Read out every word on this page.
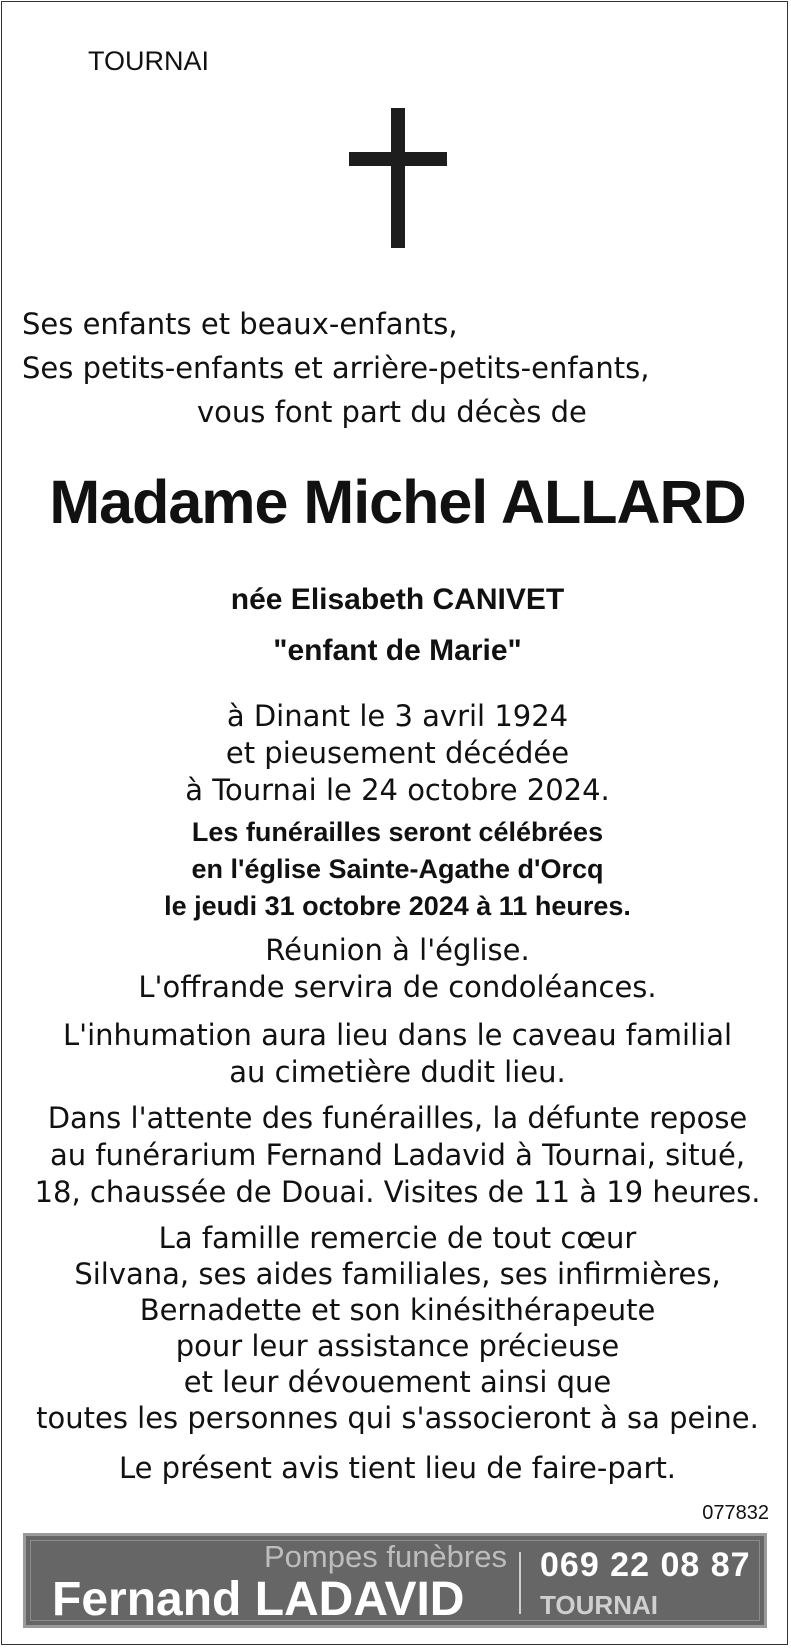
TOURNAI
Ses enfants et beaux-enfants,
Ses petits-enfants et arrière-petits-enfants,
vous font part du décès de
Madame Michel ALLARD
née Elisabeth CANIVET
"enfant de Marie"
à Dinant le 3 avril 1924
et pieusement décédée
à Tournai le 24 octobre 2024.
Les funérailles seront célébrées
en l'église Sainte-Agathe d'Orcq
le jeudi 31 octobre 2024 à 11 heures.
Réunion à l'église.
L'offrande servira de condoléances.
L'inhumation aura lieu dans le caveau familial
au cimetière dudit lieu.
Dans l'attente des funérailles, la défunte repose
au funérarium Fernand Ladavid à Tournai, situé,
18, chaussée de Douai. Visites de 11 à 19 heures.
La famille remercie de tout cœur
Silvana, ses aides familiales, ses infirmières,
Bernadette et son kinésithérapeute
pour leur assistance précieuse
et leur dévouement ainsi que
toutes les personnes qui s'associeront à sa peine.
Le présent avis tient lieu de faire-part.
077832
Pompes funèbres
Fernand LADAVID
069 22 08 87
TOURNAI
